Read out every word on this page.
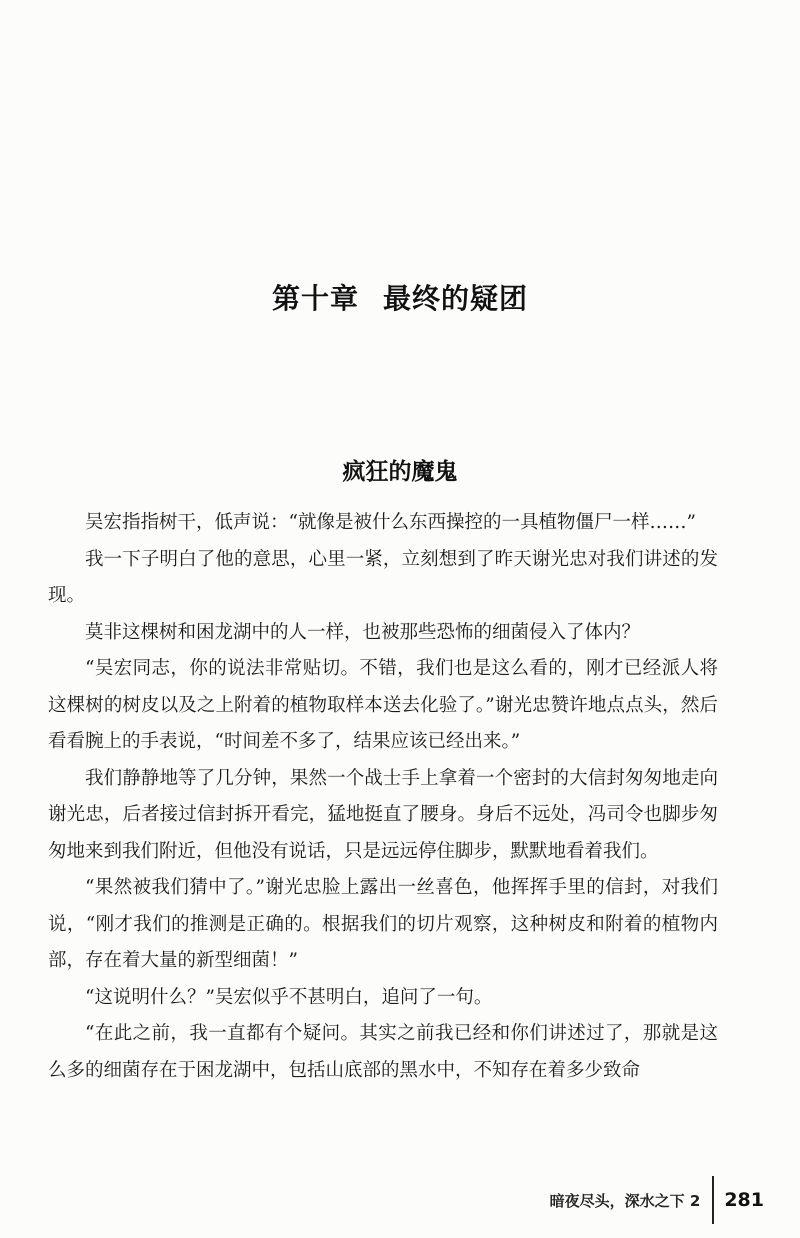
第十章 最终的疑团
疯狂的魔鬼

吴宏指指树干，低声说：“就像是被什么东西操控的一具植物僵尸一样……”

我一下子明白了他的意思，心里一紧，立刻想到了昨天谢光忠对我们讲述的发现。

莫非这棵树和困龙湖中的人一样，也被那些恐怖的细菌侵入了体内？

“吴宏同志，你的说法非常贴切。不错，我们也是这么看的，刚才已经派人将这棵树的树皮以及之上附着的植物取样本送去化验了。”谢光忠赞许地点点头，然后看看腕上的手表说，“时间差不多了，结果应该已经出来。”

我们静静地等了几分钟，果然一个战士手上拿着一个密封的大信封匆匆地走向谢光忠，后者接过信封拆开看完，猛地挺直了腰身。身后不远处，冯司令也脚步匆匆地来到我们附近，但他没有说话，只是远远停住脚步，默默地看着我们。

“果然被我们猜中了。”谢光忠脸上露出一丝喜色，他挥挥手里的信封，对我们说，“刚才我们的推测是正确的。根据我们的切片观察，这种树皮和附着的植物内部，存在着大量的新型细菌！”

“这说明什么？”吴宏似乎不甚明白，追问了一句。

“在此之前，我一直都有个疑问。其实之前我已经和你们讲述过了，那就是这么多的细菌存在于困龙湖中，包括山底部的黑水中，不知存在着多少致命

暗夜尽头，深水之下 2 281
